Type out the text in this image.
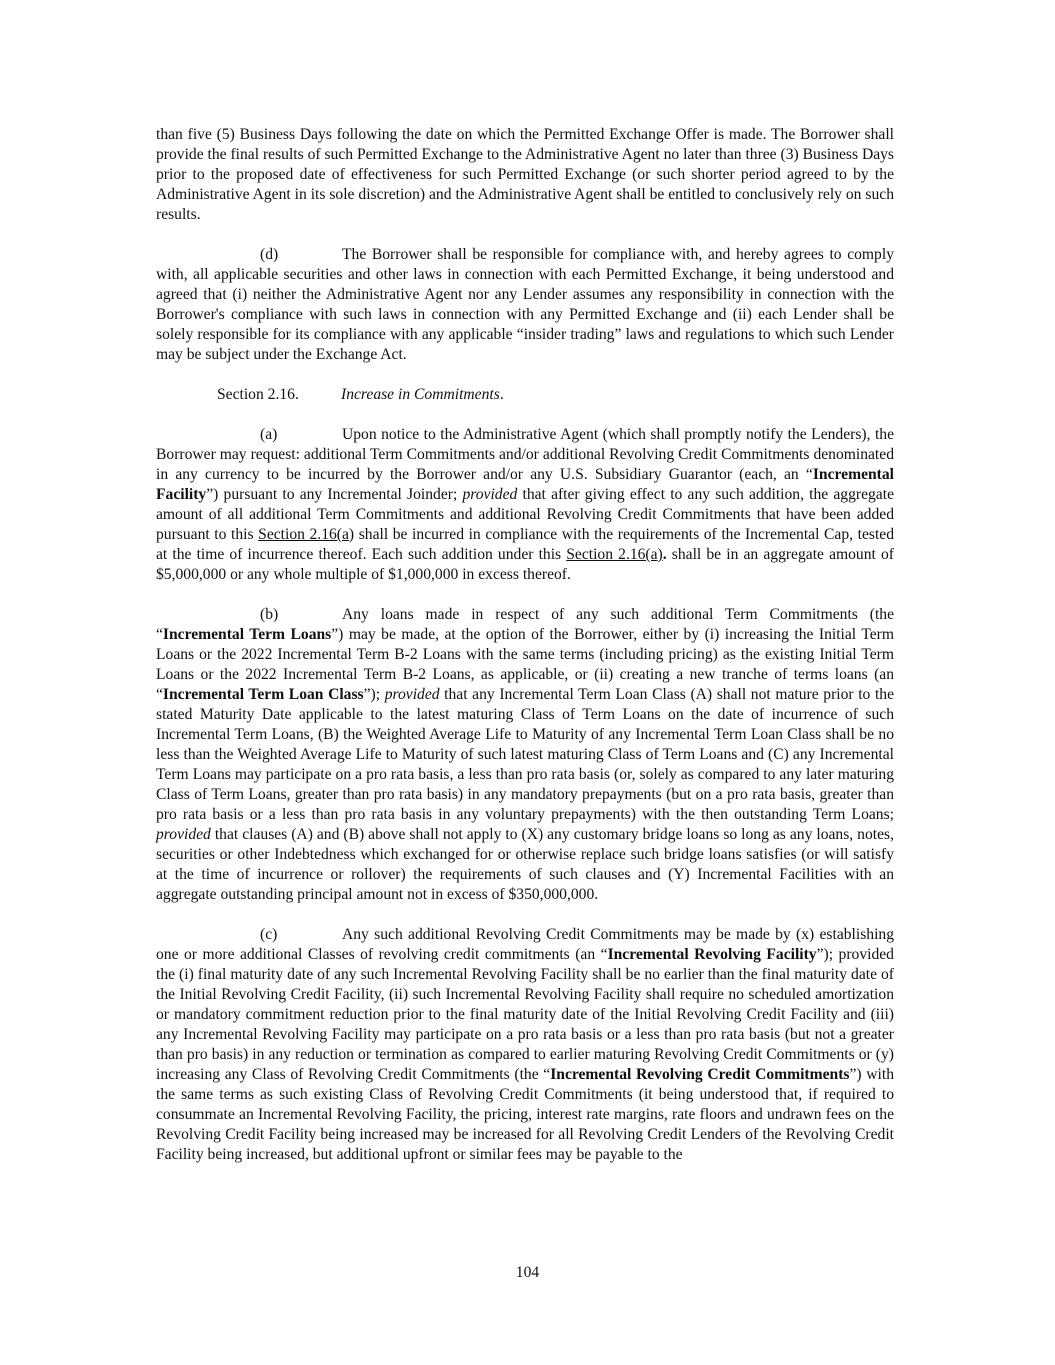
than five (5) Business Days following the date on which the Permitted Exchange Offer is made. The Borrower shall provide the final results of such Permitted Exchange to the Administrative Agent no later than three (3) Business Days prior to the proposed date of effectiveness for such Permitted Exchange (or such shorter period agreed to by the Administrative Agent in its sole discretion) and the Administrative Agent shall be entitled to conclusively rely on such results.

(d)	The Borrower shall be responsible for compliance with, and hereby agrees to comply with, all applicable securities and other laws in connection with each Permitted Exchange, it being understood and agreed that (i) neither the Administrative Agent nor any Lender assumes any responsibility in connection with the Borrower's compliance with such laws in connection with any Permitted Exchange and (ii) each Lender shall be solely responsible for its compliance with any applicable “insider trading” laws and regulations to which such Lender may be subject under the Exchange Act.

Section 2.16.	Increase in Commitments.

(a)	Upon notice to the Administrative Agent (which shall promptly notify the Lenders), the Borrower may request: additional Term Commitments and/or additional Revolving Credit Commitments denominated in any currency to be incurred by the Borrower and/or any U.S. Subsidiary Guarantor (each, an “Incremental Facility”) pursuant to any Incremental Joinder; provided that after giving effect to any such addition, the aggregate amount of all additional Term Commitments and additional Revolving Credit Commitments that have been added pursuant to this Section 2.16(a) shall be incurred in compliance with the requirements of the Incremental Cap, tested at the time of incurrence thereof. Each such addition under this Section 2.16(a). shall be in an aggregate amount of $5,000,000 or any whole multiple of $1,000,000 in excess thereof.

(b)	Any loans made in respect of any such additional Term Commitments (the “Incremental Term Loans”) may be made, at the option of the Borrower, either by (i) increasing the Initial Term Loans or the 2022 Incremental Term B-2 Loans with the same terms (including pricing) as the existing Initial Term Loans or the 2022 Incremental Term B-2 Loans, as applicable, or (ii) creating a new tranche of terms loans (an “Incremental Term Loan Class”); provided that any Incremental Term Loan Class (A) shall not mature prior to the stated Maturity Date applicable to the latest maturing Class of Term Loans on the date of incurrence of such Incremental Term Loans, (B) the Weighted Average Life to Maturity of any Incremental Term Loan Class shall be no less than the Weighted Average Life to Maturity of such latest maturing Class of Term Loans and (C) any Incremental Term Loans may participate on a pro rata basis, a less than pro rata basis (or, solely as compared to any later maturing Class of Term Loans, greater than pro rata basis) in any mandatory prepayments (but on a pro rata basis, greater than pro rata basis or a less than pro rata basis in any voluntary prepayments) with the then outstanding Term Loans; provided that clauses (A) and (B) above shall not apply to (X) any customary bridge loans so long as any loans, notes, securities or other Indebtedness which exchanged for or otherwise replace such bridge loans satisfies (or will satisfy at the time of incurrence or rollover) the requirements of such clauses and (Y) Incremental Facilities with an aggregate outstanding principal amount not in excess of $350,000,000.

(c)	Any such additional Revolving Credit Commitments may be made by (x) establishing one or more additional Classes of revolving credit commitments (an “Incremental Revolving Facility”); provided the (i) final maturity date of any such Incremental Revolving Facility shall be no earlier than the final maturity date of the Initial Revolving Credit Facility, (ii) such Incremental Revolving Facility shall require no scheduled amortization or mandatory commitment reduction prior to the final maturity date of the Initial Revolving Credit Facility and (iii) any Incremental Revolving Facility may participate on a pro rata basis or a less than pro rata basis (but not a greater than pro basis) in any reduction or termination as compared to earlier maturing Revolving Credit Commitments or (y) increasing any Class of Revolving Credit Commitments (the “Incremental Revolving Credit Commitments”) with the same terms as such existing Class of Revolving Credit Commitments (it being understood that, if required to consummate an Incremental Revolving Facility, the pricing, interest rate margins, rate floors and undrawn fees on the Revolving Credit Facility being increased may be increased for all Revolving Credit Lenders of the Revolving Credit Facility being increased, but additional upfront or similar fees may be payable to the

104
